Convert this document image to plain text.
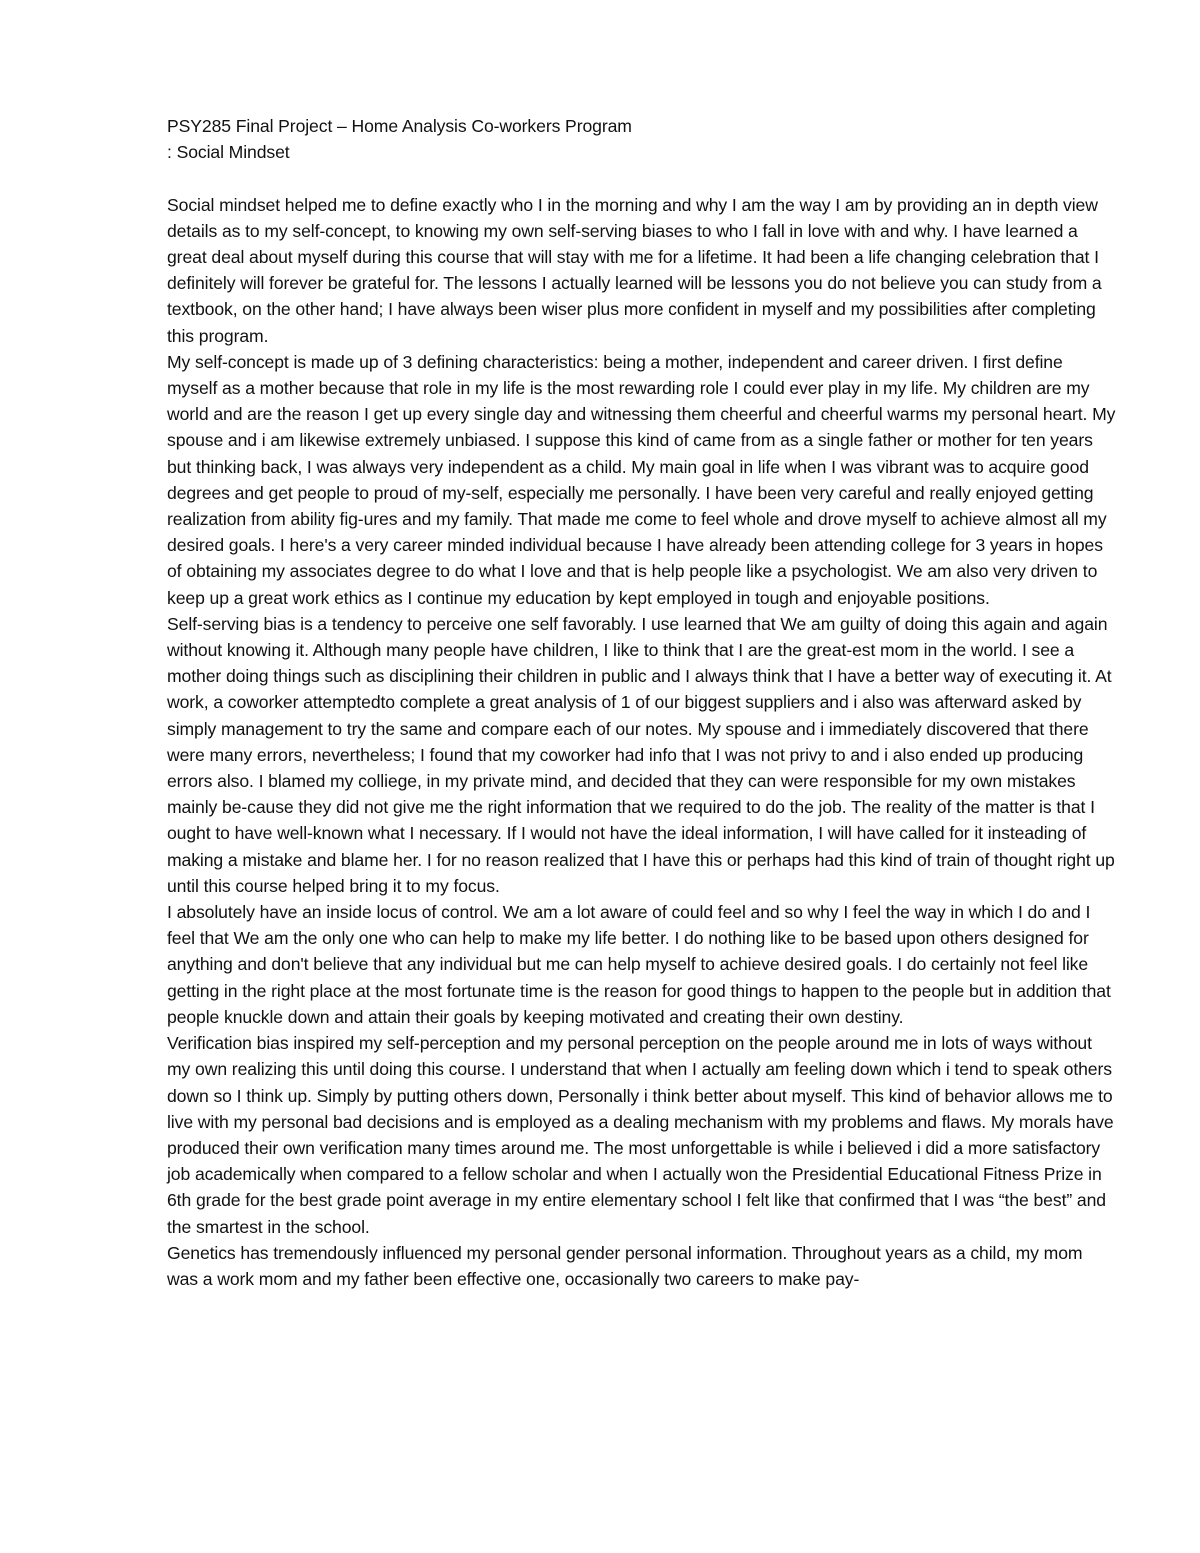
PSY285 Final Project – Home Analysis Co-workers Program
: Social Mindset

Social mindset helped me to define exactly who I in the morning and why I am the way I am by providing an in depth view details as to my self-concept, to knowing my own self-serving biases to who I fall in love with and why. I have learned a great deal about myself during this course that will stay with me for a lifetime. It had been a life changing celebration that I definitely will forever be grateful for. The lessons I actually learned will be lessons you do not believe you can study from a textbook, on the other hand; I have always been wiser plus more confident in myself and my possibilities after completing this program.

My self-concept is made up of 3 defining characteristics: being a mother, independent and career driven. I first define myself as a mother because that role in my life is the most rewarding role I could ever play in my life. My children are my world and are the reason I get up every single day and witnessing them cheerful and cheerful warms my personal heart. My spouse and i am likewise extremely unbiased. I suppose this kind of came from as a single father or mother for ten years but thinking back, I was always very independent as a child. My main goal in life when I was vibrant was to acquire good degrees and get people to proud of my-self, especially me personally. I have been very careful and really enjoyed getting realization from ability fig-ures and my family. That made me come to feel whole and drove myself to achieve almost all my desired goals. I here's a very career minded individual because I have already been attending college for 3 years in hopes of obtaining my associates degree to do what I love and that is help people like a psychologist. We am also very driven to keep up a great work ethics as I continue my education by kept employed in tough and enjoyable positions.

Self-serving bias is a tendency to perceive one self favorably. I use learned that We am guilty of doing this again and again without knowing it. Although many people have children, I like to think that I are the great-est mom in the world. I see a mother doing things such as disciplining their children in public and I always think that I have a better way of executing it. At work, a coworker attemptedto complete a great analysis of 1 of our biggest suppliers and i also was afterward asked by simply management to try the same and compare each of our notes. My spouse and i immediately discovered that there were many errors, nevertheless; I found that my coworker had info that I was not privy to and i also ended up producing errors also. I blamed my colliege, in my private mind, and decided that they can were responsible for my own mistakes mainly be-cause they did not give me the right information that we required to do the job. The reality of the matter is that I ought to have well-known what I necessary. If I would not have the ideal information, I will have called for it insteading of making a mistake and blame her. I for no reason realized that I have this or perhaps had this kind of train of thought right up until this course helped bring it to my focus.

I absolutely have an inside locus of control. We am a lot aware of could feel and so why I feel the way in which I do and I feel that We am the only one who can help to make my life better. I do nothing like to be based upon others designed for anything and don't believe that any individual but me can help myself to achieve desired goals. I do certainly not feel like getting in the right place at the most fortunate time is the reason for good things to happen to the people but in addition that people knuckle down and attain their goals by keeping motivated and creating their own destiny.

Verification bias inspired my self-perception and my personal perception on the people around me in lots of ways without my own realizing this until doing this course. I understand that when I actually am feeling down which i tend to speak others down so I think up. Simply by putting others down, Personally i think better about myself. This kind of behavior allows me to live with my personal bad decisions and is employed as a dealing mechanism with my problems and flaws. My morals have produced their own verification many times around me. The most unforgettable is while i believed i did a more satisfactory job academically when compared to a fellow scholar and when I actually won the Presidential Educational Fitness Prize in 6th grade for the best grade point average in my entire elementary school I felt like that confirmed that I was “the best” and the smartest in the school.

Genetics has tremendously influenced my personal gender personal information. Throughout years as a child, my mom was a work mom and my father been effective one, occasionally two careers to make pay-
